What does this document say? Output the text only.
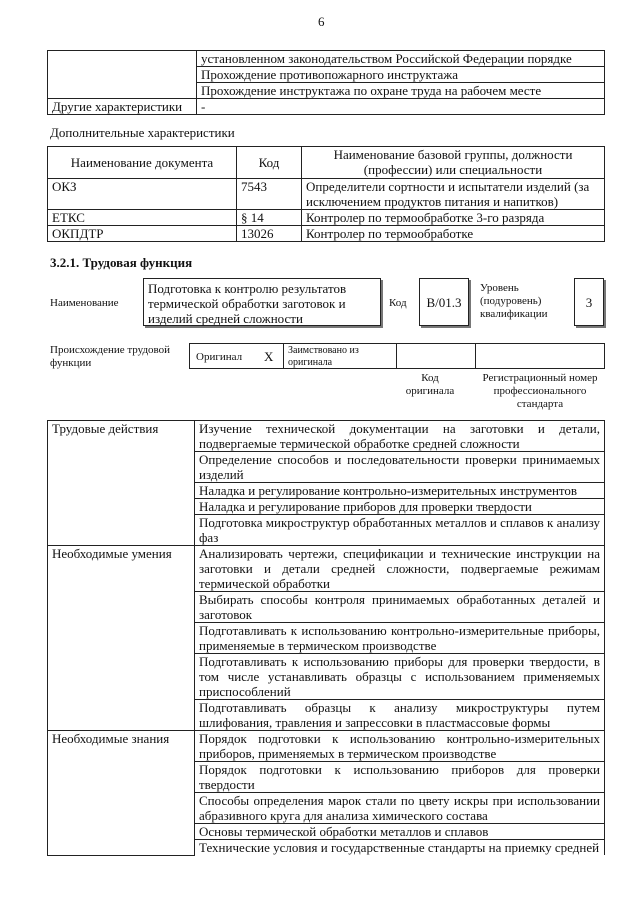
6
	установленном законодательством Российской Федерации порядке
	Прохождение противопожарного инструктажа
	Прохождение инструктажа по охране труда на рабочем месте
Другие характеристики	-
Дополнительные характеристики
Наименование документа	Код	Наименование базовой группы, должности (профессии) или специальности
ОКЗ	7543	Определители сортности и испытатели изделий (за исключением продуктов питания и напитков)
ЕТКС	§ 14	Контролер по термообработке 3-го разряда
ОКПДТР	13026	Контролер по термообработке
3.2.1. Трудовая функция
Наименование
Подготовка к контролю результатов термической обработки заготовок и изделий средней сложности
Код	В/01.3
Уровень (подуровень) квалификации
3
Происхождение трудовой функции	Оригинал X Заимствовано из оригинала
Код оригинала
Регистрационный номер профессионального стандарта
Трудовые действия	Изучение технической документации на заготовки и детали, подвергаемые термической обработке средней сложности
	Определение способов и последовательности проверки принимаемых изделий
	Наладка и регулирование контрольно-измерительных инструментов
	Наладка и регулирование приборов для проверки твердости
	Подготовка микроструктур обработанных металлов и сплавов к анализу фаз
Необходимые умения	Анализировать чертежи, спецификации и технические инструкции на заготовки и детали средней сложности, подвергаемые режимам термической обработки
	Выбирать способы контроля принимаемых обработанных деталей и заготовок
	Подготавливать к использованию контрольно-измерительные приборы, применяемые в термическом производстве
	Подготавливать к использованию приборы для проверки твердости, в том числе устанавливать образцы с использованием применяемых приспособлений
	Подготавливать образцы к анализу микроструктуры путем шлифования, травления и запрессовки в пластмассовые формы
Необходимые знания	Порядок подготовки к использованию контрольно-измерительных приборов, применяемых в термическом производстве
	Порядок подготовки к использованию приборов для проверки твердости
	Способы определения марок стали по цвету искры при использовании абразивного круга для анализа химического состава
	Основы термической обработки металлов и сплавов
	Технические условия и государственные стандарты на приемку средней
